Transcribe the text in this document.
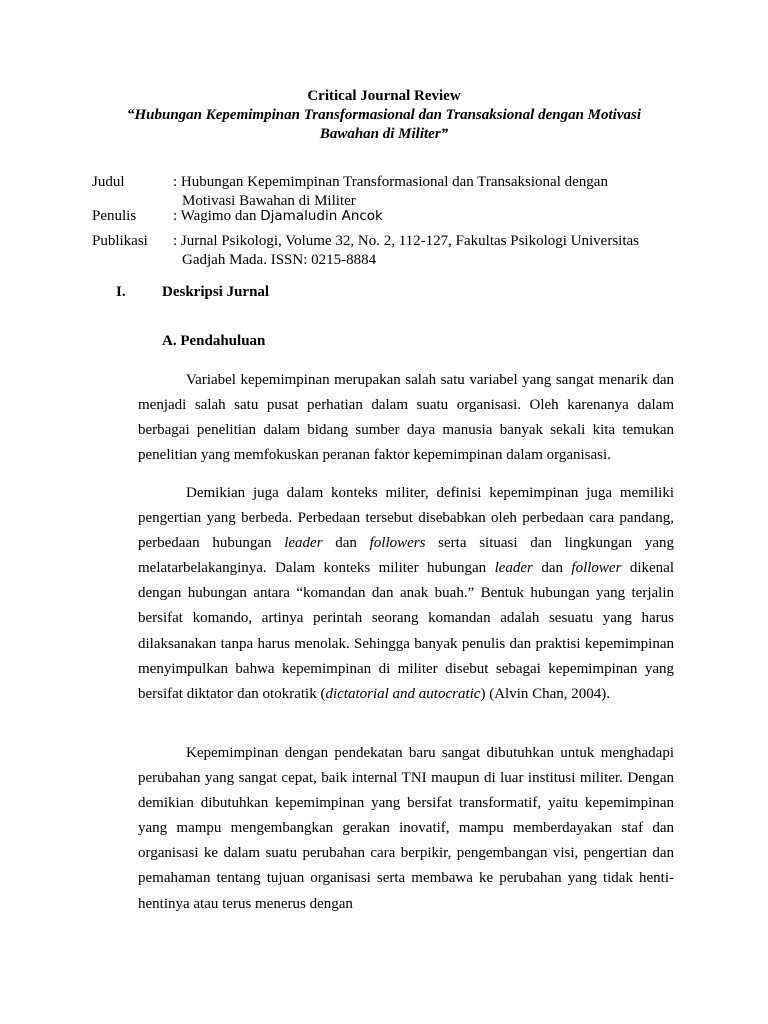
Critical Journal Review
“Hubungan Kepemimpinan Transformasional dan Transaksional dengan Motivasi
Bawahan di Militer”
Judul	: Hubungan Kepemimpinan Transformasional dan Transaksional dengan
Motivasi Bawahan di Militer
Penulis : Wagimo dan Djamaludin Ancok
Publikasi : Jurnal Psikologi, Volume 32, No. 2, 112-127, Fakultas Psikologi Universitas
Gadjah Mada. ISSN: 0215-8884
I. Deskripsi Jurnal
A. Pendahuluan

Variabel kepemimpinan merupakan salah satu variabel yang sangat menarik dan menjadi salah satu pusat perhatian dalam suatu organisasi. Oleh karenanya dalam berbagai penelitian dalam bidang sumber daya manusia banyak sekali kita temukan penelitian yang memfokuskan peranan faktor kepemimpinan dalam organisasi.

Demikian juga dalam konteks militer, definisi kepemimpinan juga memiliki pengertian yang berbeda. Perbedaan tersebut disebabkan oleh perbedaan cara pandang, perbedaan hubungan leader dan followers serta situasi dan lingkungan yang melatarbelakanginya. Dalam konteks militer hubungan leader dan follower dikenal dengan hubungan antara “komandan dan anak buah.” Bentuk hubungan yang terjalin bersifat komando, artinya perintah seorang komandan adalah sesuatu yang harus dilaksanakan tanpa harus menolak. Sehingga banyak penulis dan praktisi kepemimpinan menyimpulkan bahwa kepemimpinan di militer disebut sebagai kepemimpinan yang bersifat diktator dan otokratik (dictatorial and autocratic) (Alvin Chan, 2004).

Kepemimpinan dengan pendekatan baru sangat dibutuhkan untuk menghadapi perubahan yang sangat cepat, baik internal TNI maupun di luar institusi militer. Dengan demikian dibutuhkan kepemimpinan yang bersifat transformatif, yaitu kepemimpinan yang mampu mengembangkan gerakan inovatif, mampu memberdayakan staf dan organisasi ke dalam suatu perubahan cara berpikir, pengembangan visi, pengertian dan pemahaman tentang tujuan organisasi serta membawa ke perubahan yang tidak henti-hentinya atau terus menerus dengan
